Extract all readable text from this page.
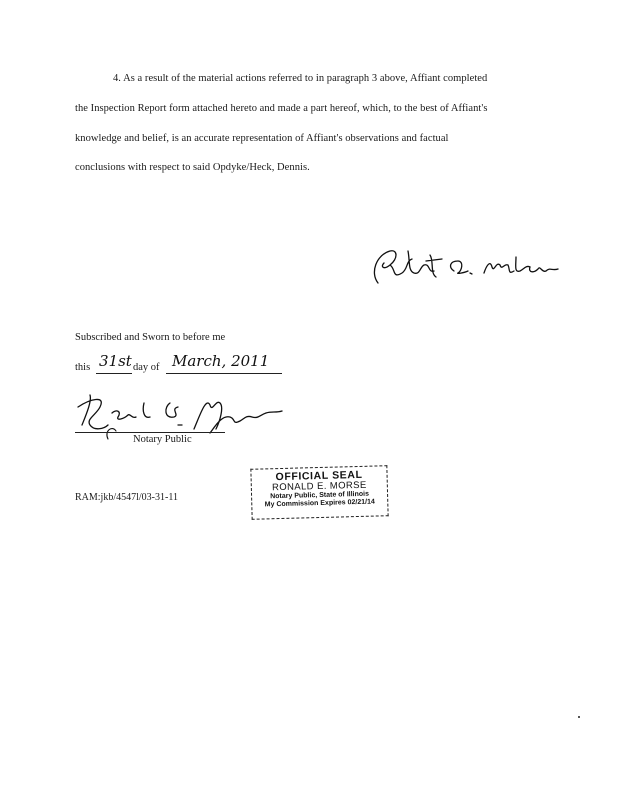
4. As a result of the material actions referred to in paragraph 3 above, Affiant completed
the Inspection Report form attached hereto and made a part hereof, which, to the best of Affiant's
knowledge and belief, is an accurate representation of Affiant's observations and factual
conclusions with respect to said Opdyke/Heck, Dennis.
Subscribed and Sworn to before me
this 31st day of March, 2011
Notary Public
RAM:jkb/4547l/03-31-11
OFFICIAL SEAL
RONALD E. MORSE
Notary Public, State of Illinois
My Commission Expires 02/21/14
